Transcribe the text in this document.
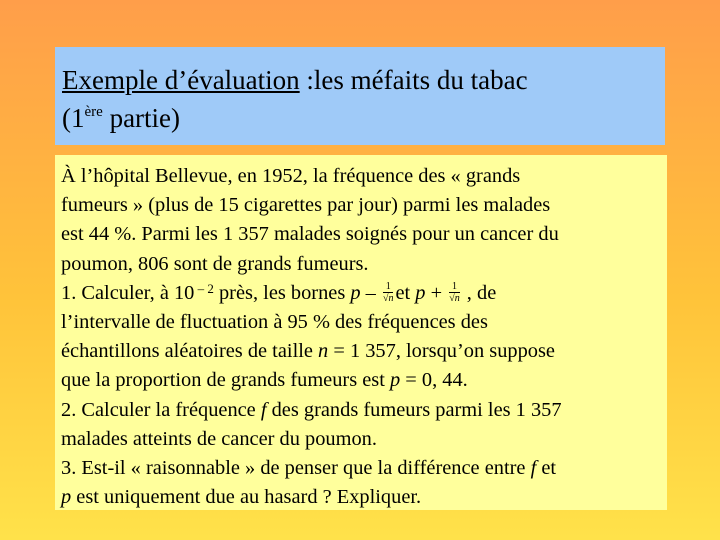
Exemple d’évaluation :les méfaits du tabac
(1ère partie)

À l’hôpital Bellevue, en 1952, la fréquence des « grands

fumeurs » (plus de 15 cigarettes par jour) parmi les malades

est 44 %. Parmi les 1 357 malades soignés pour un cancer du

poumon, 806 sont de grands fumeurs.

1. Calculer, à 10 $^{- 2}$ près, les bornes p – $\frac{1}{√n}$ et $p + \frac{1}{√n}$ , de

l’intervalle de fluctuation à 95 % des fréquences des

échantillons aléatoires de taille n = 1 357, lorsqu’on suppose

que la proportion de grands fumeurs est p = 0, 44.

2. Calculer la fréquence f des grands fumeurs parmi les 1 357

malades atteints de cancer du poumon.

3. Est-il « raisonnable » de penser que la différence entre f et

p est uniquement due au hasard ? Expliquer.
